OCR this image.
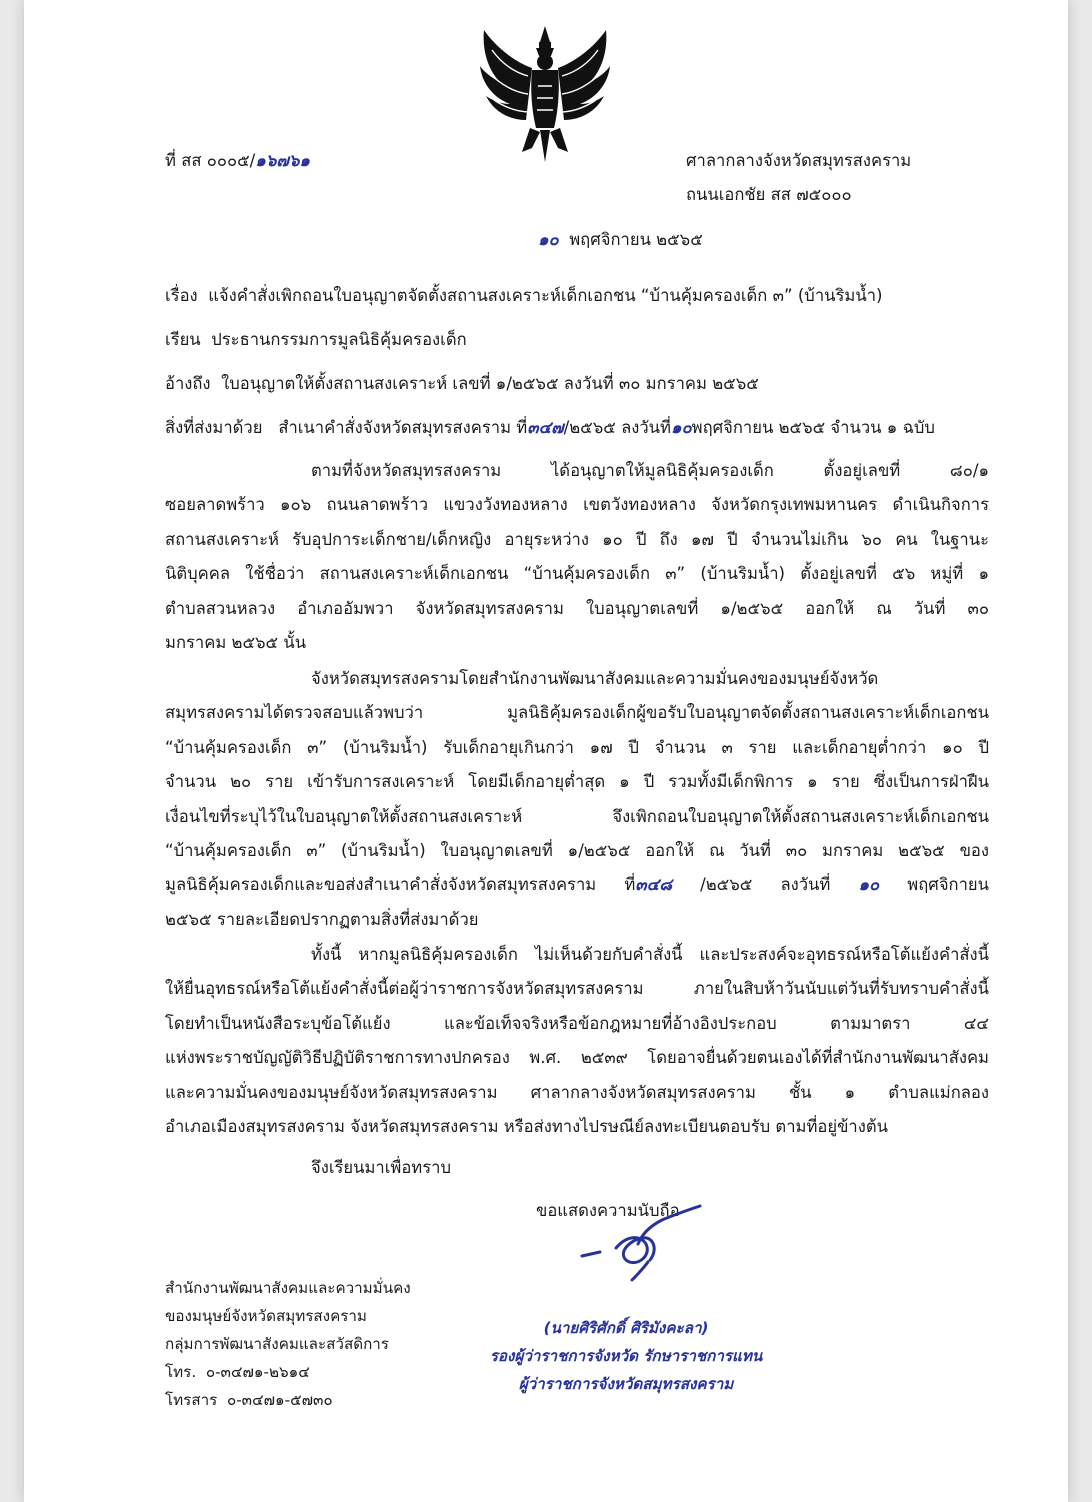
ที่ สส ๐๐๐๕/๑๖๗๖๑	ศาลากลางจังหวัดสมุทรสงคราม
ถนนเอกชัย สส ๗๕๐๐๐
๑๐ พฤศจิกายน ๒๕๖๕
เรื่อง แจ้งคำสั่งเพิกถอนใบอนุญาตจัดตั้งสถานสงเคราะห์เด็กเอกชน “บ้านคุ้มครองเด็ก ๓” (บ้านริมน้ำ)
เรียน ประธานกรรมการมูลนิธิคุ้มครองเด็ก
อ้างถึง ใบอนุญาตให้ตั้งสถานสงเคราะห์ เลขที่ ๑/๒๕๖๕ ลงวันที่ ๓๐ มกราคม ๒๕๖๕
สิ่งที่ส่งมาด้วย สำเนาคำสั่งจังหวัดสมุทรสงคราม ที่๓๔๗/๒๕๖๕ ลงวันที่๑๐พฤศจิกายน ๒๕๖๕ จำนวน ๑ ฉบับ
ตามที่จังหวัดสมุทรสงคราม ได้อนุญาตให้มูลนิธิคุ้มครองเด็ก ตั้งอยู่เลขที่ ๘๐/๑
ซอยลาดพร้าว ๑๐๖ ถนนลาดพร้าว แขวงวังทองหลาง เขตวังทองหลาง จังหวัดกรุงเทพมหานคร ดำเนินกิจการ
สถานสงเคราะห์ รับอุปการะเด็กชาย/เด็กหญิง อายุระหว่าง ๑๐ ปี ถึง ๑๗ ปี จำนวนไม่เกิน ๖๐ คน ในฐานะ
นิติบุคคล ใช้ชื่อว่า สถานสงเคราะห์เด็กเอกชน “บ้านคุ้มครองเด็ก ๓” (บ้านริมน้ำ) ตั้งอยู่เลขที่ ๕๖ หมู่ที่ ๑
ตำบลสวนหลวง อำเภออัมพวา จังหวัดสมุทรสงคราม ใบอนุญาตเลขที่ ๑/๒๕๖๕ ออกให้ ณ วันที่ ๓๐
มกราคม ๒๕๖๕ นั้น
จังหวัดสมุทรสงครามโดยสำนักงานพัฒนาสังคมและความมั่นคงของมนุษย์จังหวัด
สมุทรสงครามได้ตรวจสอบแล้วพบว่า มูลนิธิคุ้มครองเด็กผู้ขอรับใบอนุญาตจัดตั้งสถานสงเคราะห์เด็กเอกชน
“บ้านคุ้มครองเด็ก ๓” (บ้านริมน้ำ) รับเด็กอายุเกินกว่า ๑๗ ปี จำนวน ๓ ราย และเด็กอายุต่ำกว่า ๑๐ ปี
จำนวน ๒๐ ราย เข้ารับการสงเคราะห์ โดยมีเด็กอายุต่ำสุด ๑ ปี รวมทั้งมีเด็กพิการ ๑ ราย ซึ่งเป็นการฝ่าฝืน
เงื่อนไขที่ระบุไว้ในใบอนุญาตให้ตั้งสถานสงเคราะห์ จึงเพิกถอนใบอนุญาตให้ตั้งสถานสงเคราะห์เด็กเอกชน
“บ้านคุ้มครองเด็ก ๓” (บ้านริมน้ำ) ใบอนุญาตเลขที่ ๑/๒๕๖๕ ออกให้ ณ วันที่ ๓๐ มกราคม ๒๕๖๕ ของ
มูลนิธิคุ้มครองเด็กและขอส่งสำเนาคำสั่งจังหวัดสมุทรสงคราม ที่๓๔๘ /๒๕๖๕ ลงวันที่ ๑๐ พฤศจิกายน
๒๕๖๕ รายละเอียดปรากฏตามสิ่งที่ส่งมาด้วย
ทั้งนี้ หากมูลนิธิคุ้มครองเด็ก ไม่เห็นด้วยกับคำสั่งนี้ และประสงค์จะอุทธรณ์หรือโต้แย้งคำสั่งนี้
ให้ยื่นอุทธรณ์หรือโต้แย้งคำสั่งนี้ต่อผู้ว่าราชการจังหวัดสมุทรสงคราม ภายในสิบห้าวันนับแต่วันที่รับทราบคำสั่งนี้
โดยทำเป็นหนังสือระบุข้อโต้แย้ง และข้อเท็จจริงหรือข้อกฎหมายที่อ้างอิงประกอบ ตามมาตรา ๔๔
แห่งพระราชบัญญัติวิธีปฏิบัติราชการทางปกครอง พ.ศ. ๒๕๓๙ โดยอาจยื่นด้วยตนเองได้ที่สำนักงานพัฒนาสังคม
และความมั่นคงของมนุษย์จังหวัดสมุทรสงคราม ศาลากลางจังหวัดสมุทรสงคราม ชั้น ๑ ตำบลแม่กลอง
อำเภอเมืองสมุทรสงคราม จังหวัดสมุทรสงคราม หรือส่งทางไปรษณีย์ลงทะเบียนตอบรับ ตามที่อยู่ข้างต้น
จึงเรียนมาเพื่อทราบ
ขอแสดงความนับถือ
(นายศิริศักดิ์ ศิริมังคะลา)
รองผู้ว่าราชการจังหวัด รักษาราชการแทน
ผู้ว่าราชการจังหวัดสมุทรสงคราม
สำนักงานพัฒนาสังคมและความมั่นคง
ของมนุษย์จังหวัดสมุทรสงคราม
กลุ่มการพัฒนาสังคมและสวัสดิการ
โทร. ๐-๓๔๗๑-๒๖๑๔
โทรสาร ๐-๓๔๗๑-๕๗๓๐
